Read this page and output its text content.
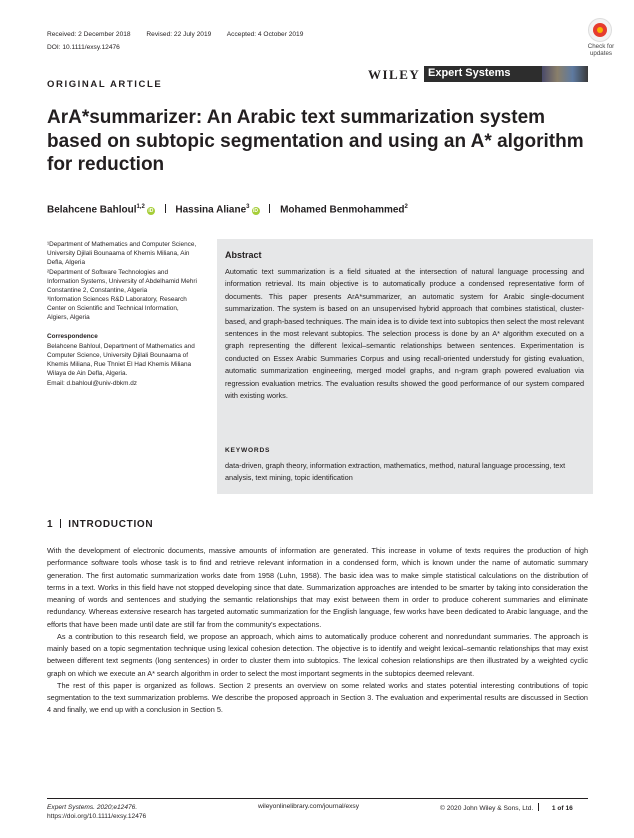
Received: 2 December 2018 Revised: 22 July 2019 Accepted: 4 October 2019
DOI: 10.1111/exsy.12476	Check for updates
ORIGINAL ARTICLE
WILEY Expert Systems
ArA*summarizer: An Arabic text summarization system based on subtopic segmentation and using an A* algorithm for reduction
Belahcene Bahloul$^{1,2}$iD Hassina Aliane$^3$iD Mohamed Benmohammed$^2$

¹Department of Mathematics and Computer Science, University Djilali Bounaama of Khemis Miliana, Ain Defla, Algeria

²Department of Software Technologies and Information Systems, University of Abdelhamid Mehri Constantine 2, Constantine, Algeria

³Information Sciences R&D Laboratory, Research Center on Scientific and Technical Information, Algiers, Algeria

Correspondence

Belahcene Bahloul, Department of Mathematics and Computer Science, University Djilali Bounaama of Khemis Miliana, Rue Thniet El Had Khemis Miliana Wilaya de Ain Defla, Algeria.

Email: d.bahloul@univ-dbkm.dz

Abstract
Automatic text summarization is a field situated at the intersection of natural language processing and information retrieval. Its main objective is to automatically produce a condensed representative form of documents. This paper presents ArA*summarizer, an automatic system for Arabic single-document summarization. The system is based on an unsupervised hybrid approach that combines statistical, cluster-based, and graph-based techniques. The main idea is to divide text into subtopics then select the most relevant sentences in the most relevant subtopics. The selection process is done by an A* algorithm executed on a graph representing the different lexical–semantic relationships between sentences. Experimentation is conducted on Essex Arabic Summaries Corpus and using recall-oriented understudy for gisting evaluation, automatic summarization engineering, merged model graphs, and n-gram graph powered evaluation via regression evaluation metrics. The evaluation results showed the good performance of our system compared with existing works.
KEYWORDS
data-driven, graph theory, information extraction, mathematics, method, natural language processing, text analysis, text mining, topic identification
1 INTRODUCTION

With the development of electronic documents, massive amounts of information are generated. This increase in volume of texts requires the production of high performance software tools whose task is to find and retrieve relevant information in a condensed form, which is known under the name of automatic summary generation. The first automatic summarization works date from 1958 (Luhn, 1958). The basic idea was to make simple statistical calculations on the distribution of terms in a text. Works in this field have not stopped developing since that date. Summarization approaches are intended to be smarter by taking into consideration the meaning of words and sentences and studying the semantic relationships that may exist between them in order to produce coherent summaries and eliminate redundancy. Whereas extensive research has targeted automatic summarization for the English language, few works have been dedicated to Arabic language, and the efforts that have been made until date are still far from the community's expectations.

As a contribution to this research field, we propose an approach, which aims to automatically produce coherent and nonredundant summaries. The approach is mainly based on a topic segmentation technique using lexical cohesion detection. The objective is to identify and weight lexical–semantic relationships that may exist between different text segments (long sentences) in order to cluster them into subtopics. The lexical cohesion relationships are then illustrated by a weighted cyclic graph on which we execute an A* search algorithm in order to select the most important segments in the subtopics deemed relevant.

The rest of this paper is organized as follows. Section 2 presents an overview on some related works and states potential interesting contributions of topic segmentation to the text summarization problems. We describe the proposed approach in Section 3. The evaluation and experimental results are discussed in Section 4 and finally, we end up with a conclusion in Section 5.

Expert Systems. 2020;e12476.
https://doi.org/10.1111/exsy.12476
wileyonlinelibrary.com/journal/exsy	© 2020 John Wiley & Sons, Ltd.	1 of 16
